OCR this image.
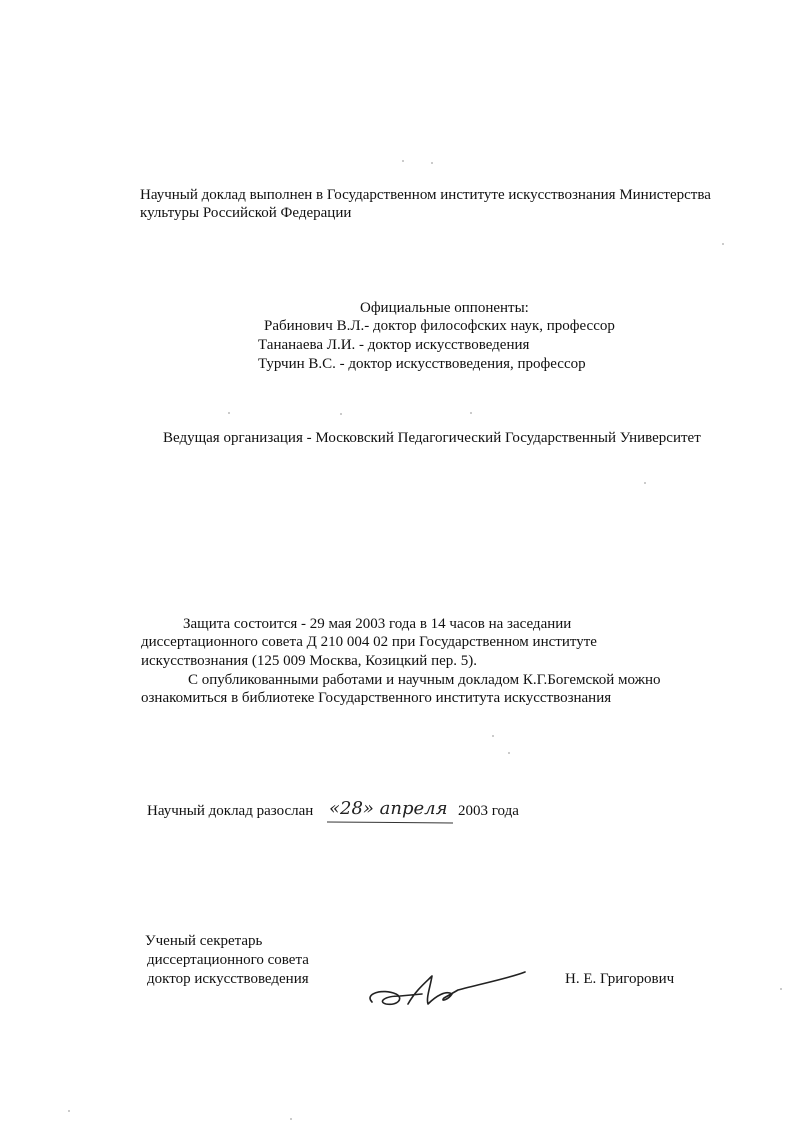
Научный доклад выполнен в Государственном институте искусствознания Министерства
культуры Российской Федерации
Официальные оппоненты:
Рабинович В.Л.- доктор философских наук, профессор
Тананаева Л.И. - доктор искусствоведения
Турчин В.С. - доктор искусствоведения, профессор
Ведущая организация - Московский Педагогический Государственный Университет
Защита состоится - 29 мая 2003 года в 14 часов на заседании
диссертационного совета Д 210 004 02 при Государственном институте
искусствознания (125 009 Москва, Козицкий пер. 5).
С опубликованными работами и научным докладом К.Г.Богемской можно
ознакомиться в библиотеке Государственного института искусствознания
Научный доклад разослан «28» апреля 2003 года
Ученый секретарь
диссертационного совета
доктор искусствоведения	Н. Е. Григорович
